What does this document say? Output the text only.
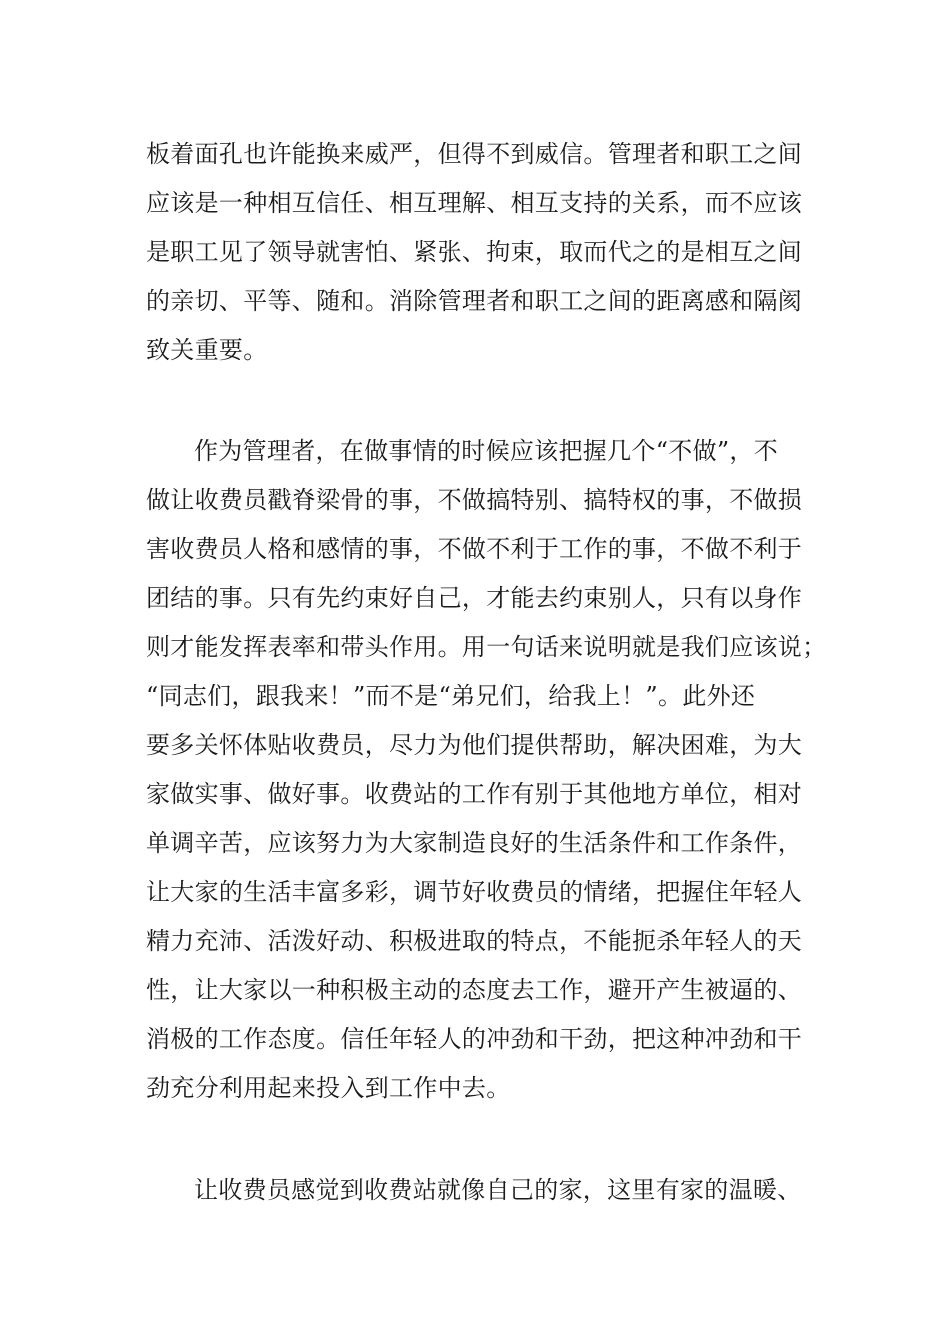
板着面孔也许能换来威严，但得不到威信。管理者和职工之间
应该是一种相互信任、相互理解、相互支持的关系，而不应该
是职工见了领导就害怕、紧张、拘束，取而代之的是相互之间
的亲切、平等、随和。消除管理者和职工之间的距离感和隔阂
致关重要。
作为管理者，在做事情的时候应该把握几个“不做”，不
做让收费员戳脊梁骨的事，不做搞特别、搞特权的事，不做损
害收费员人格和感情的事，不做不利于工作的事，不做不利于
团结的事。只有先约束好自己，才能去约束别人，只有以身作
则才能发挥表率和带头作用。用一句话来说明就是我们应该说；
“同志们，跟我来！”而不是“弟兄们，给我上！”。此外还
要多关怀体贴收费员，尽力为他们提供帮助，解决困难，为大
家做实事、做好事。收费站的工作有别于其他地方单位，相对
单调辛苦，应该努力为大家制造良好的生活条件和工作条件，
让大家的生活丰富多彩，调节好收费员的情绪，把握住年轻人
精力充沛、活泼好动、积极进取的特点，不能扼杀年轻人的天
性，让大家以一种积极主动的态度去工作，避开产生被逼的、
消极的工作态度。信任年轻人的冲劲和干劲，把这种冲劲和干
劲充分利用起来投入到工作中去。
让收费员感觉到收费站就像自己的家，这里有家的温暖、
